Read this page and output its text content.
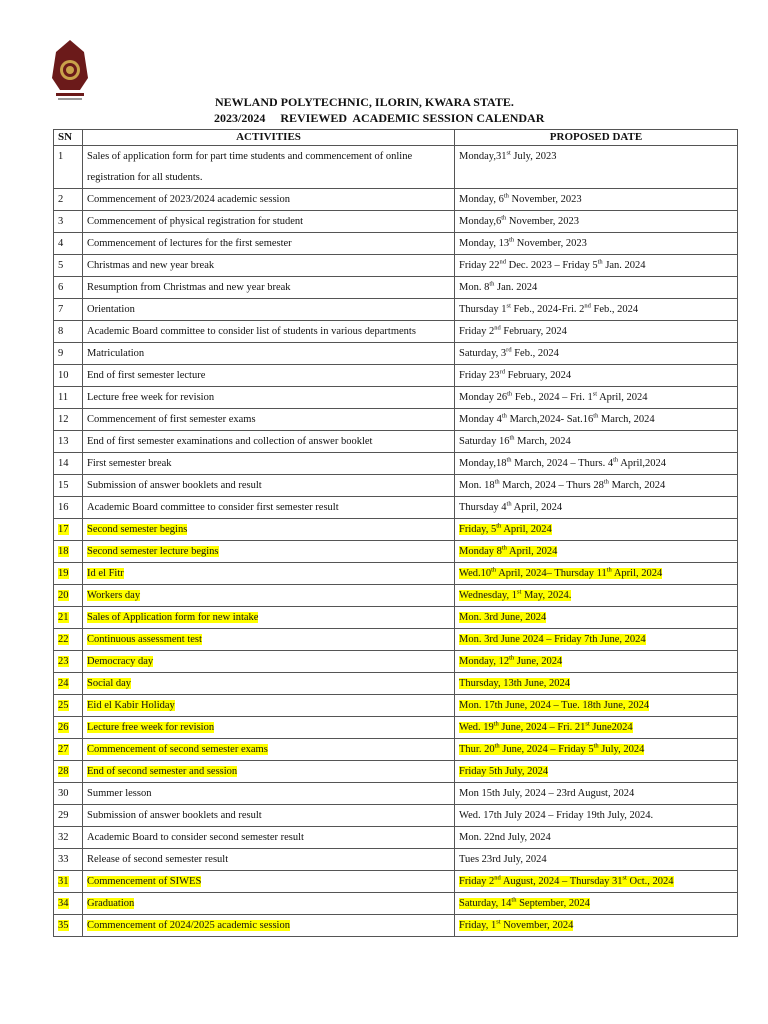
NEWLAND POLYTECHNIC, ILORIN, KWARA STATE.
2023/2024     REVIEWED  ACADEMIC SESSION CALENDAR
SN	ACTIVITIES	PROPOSED DATE
1	Sales of application form for part time students and commencement of online registration for all students.	Monday,31st July, 2023
2	Commencement of 2023/2024 academic session	Monday, 6th November, 2023
3	Commencement of physical registration for student	Monday,6th November, 2023
4	Commencement of lectures for the first semester	Monday, 13th November, 2023
5	Christmas and new year break	Friday 22nd Dec. 2023 – Friday 5th Jan. 2024
6	Resumption from Christmas and new year break	Mon. 8th Jan. 2024
7	Orientation	Thursday 1st Feb., 2024-Fri. 2nd Feb., 2024
8	Academic Board committee to consider list of students in various departments	Friday 2nd February, 2024
9	Matriculation	Saturday, 3rd Feb., 2024
10	End of first semester lecture	Friday 23rd February, 2024
11	Lecture free week for revision	Monday 26th Feb., 2024 – Fri. 1st April, 2024
12	Commencement of first semester exams	Monday 4th March,2024- Sat.16th March, 2024
13	End of first semester examinations and collection of answer booklet	Saturday 16th March, 2024
14	First semester break	Monday,18th March, 2024 – Thurs. 4th April,2024
15	Submission of answer booklets and result	Mon. 18th March, 2024 – Thurs 28th March, 2024
16	Academic Board committee to consider first semester result	Thursday 4th April, 2024
17	Second semester begins	Friday, 5th April, 2024
18	Second semester lecture begins	Monday 8th April, 2024
19	Id el Fitr	Wed.10th April, 2024– Thursday 11th April, 2024
20	Workers day	Wednesday, 1st May, 2024.
21	Sales of Application form for new intake	Mon. 3rd June, 2024
22	Continuous assessment test	Mon. 3rd June 2024 – Friday 7th June, 2024
23	Democracy day	Monday, 12th June, 2024
24	Social day	Thursday, 13th June, 2024
25	Eid el Kabir Holiday	Mon. 17th June, 2024 – Tue. 18th June, 2024
26	Lecture free week for revision	Wed. 19th June, 2024 – Fri. 21st June2024
27	Commencement of second semester exams	Thur. 20th June, 2024 – Friday 5th July, 2024
28	End of second semester and session	Friday 5th July, 2024
30	Summer lesson	Mon 15th July, 2024 – 23rd August, 2024
29	Submission of answer booklets and result	Wed. 17th July 2024 – Friday 19th July, 2024.
32	Academic Board to consider second semester result	Mon. 22nd July, 2024
33	Release of second semester result	Tues 23rd July, 2024
31	Commencement of SIWES	Friday 2nd August, 2024 – Thursday 31st Oct., 2024
34	Graduation	Saturday, 14th September, 2024
35	Commencement of 2024/2025 academic session	Friday, 1st November, 2024
